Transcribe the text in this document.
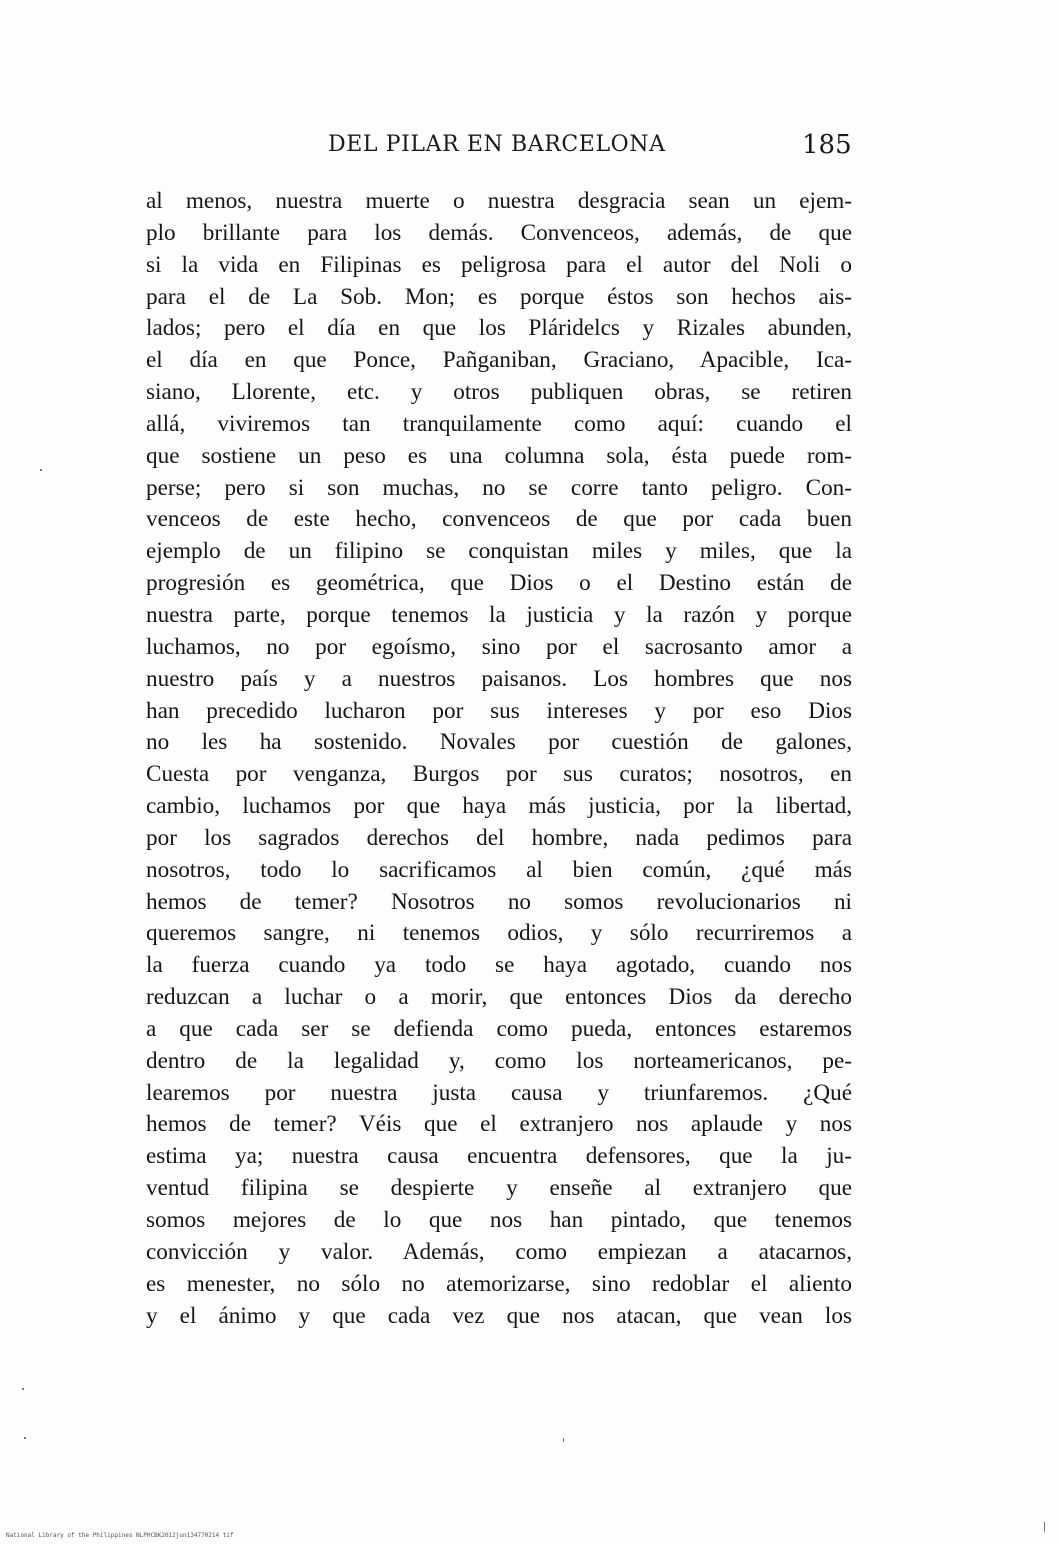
DEL PILAR EN BARCELONA	185
al menos, nuestra muerte o nuestra desgracia sean un ejem-
plo brillante para los demás. Convenceos, además, de que
si la vida en Filipinas es peligrosa para el autor del Noli o
para el de La Sob. Mon; es porque éstos son hechos ais-
lados; pero el día en que los Pláridelcs y Rizales abunden,
el día en que Ponce, Pañganiban, Graciano, Apacible, Ica-
siano, Llorente, etc. y otros publiquen obras, se retiren
allá, viviremos tan tranquilamente como aquí: cuando el
que sostiene un peso es una columna sola, ésta puede rom-
perse; pero si son muchas, no se corre tanto peligro. Con-
venceos de este hecho, convenceos de que por cada buen
ejemplo de un filipino se conquistan miles y miles, que la
progresión es geométrica, que Dios o el Destino están de
nuestra parte, porque tenemos la justicia y la razón y porque
luchamos, no por egoísmo, sino por el sacrosanto amor a
nuestro país y a nuestros paisanos. Los hombres que nos
han precedido lucharon por sus intereses y por eso Dios
no les ha sostenido. Novales por cuestión de galones,
Cuesta por venganza, Burgos por sus curatos; nosotros, en
cambio, luchamos por que haya más justicia, por la libertad,
por los sagrados derechos del hombre, nada pedimos para
nosotros, todo lo sacrificamos al bien común, ¿qué más
hemos de temer? Nosotros no somos revolucionarios ni
queremos sangre, ni tenemos odios, y sólo recurriremos a
la fuerza cuando ya todo se haya agotado, cuando nos
reduzcan a luchar o a morir, que entonces Dios da derecho
a que cada ser se defienda como pueda, entonces estaremos
dentro de la legalidad y, como los norteamericanos, pe-
learemos por nuestra justa causa y triunfaremos. ¿Qué
hemos de temer? Véis que el extranjero nos aplaude y nos
estima ya; nuestra causa encuentra defensores, que la ju-
ventud filipina se despierte y enseñe al extranjero que
somos mejores de lo que nos han pintado, que tenemos
convicción y valor. Además, como empiezan a atacarnos,
es menester, no sólo no atemorizarse, sino redoblar el aliento
y el ánimo y que cada vez que nos atacan, que vean los
National Library of the Philippines NLPHCBK2012jun134770214 tif
